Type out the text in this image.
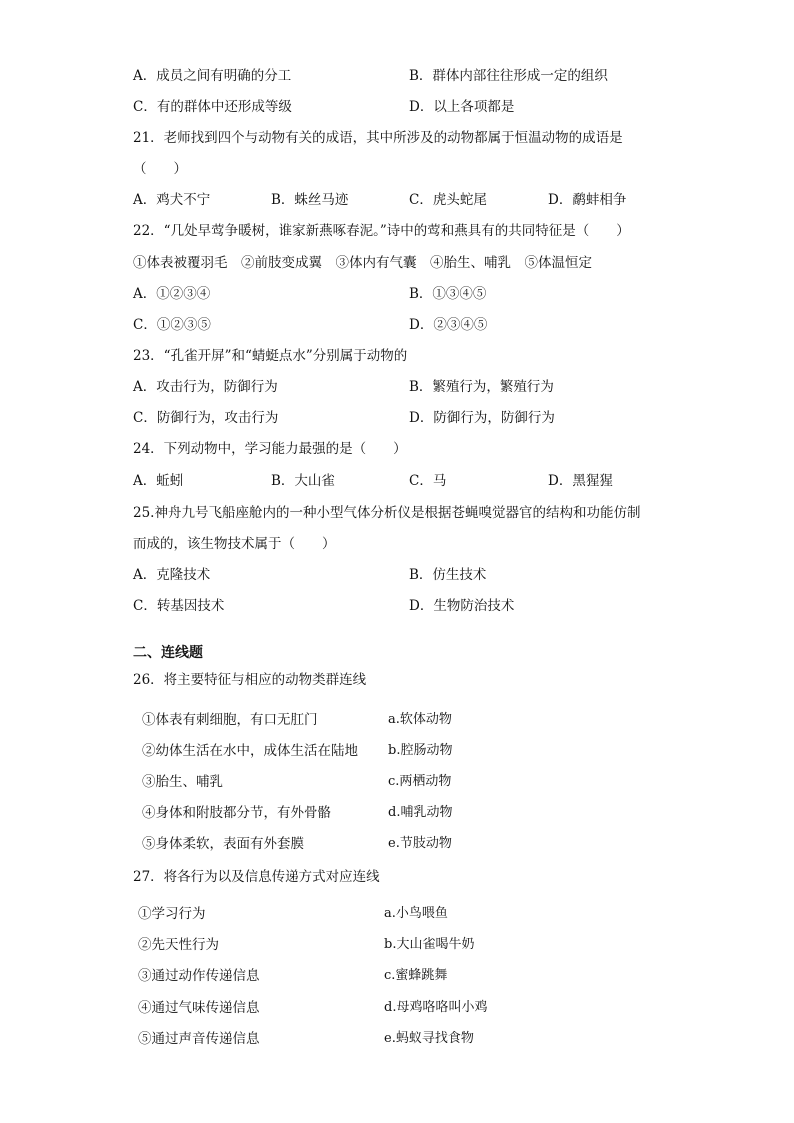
A．成员之间有明确的分工	B．群体内部往往形成一定的组织
C．有的群体中还形成等级	D．以上各项都是
21．老师找到四个与动物有关的成语，其中所涉及的动物都属于恒温动物的成语是
（　　）
A．鸡犬不宁	B．蛛丝马迹	C．虎头蛇尾	D．鹬蚌相争
22．“几处早莺争暖树，谁家新燕啄春泥。”诗中的莺和燕具有的共同特征是（　　）
①体表被覆羽毛　②前肢变成翼　③体内有气囊　④胎生、哺乳　⑤体温恒定
A．①②③④	B．①③④⑤
C．①②③⑤	D．②③④⑤
23．“孔雀开屏”和“蜻蜓点水”分别属于动物的
A．攻击行为，防御行为	B．繁殖行为，繁殖行为
C．防御行为，攻击行为	D．防御行为，防御行为
24．下列动物中，学习能力最强的是（　　）
A．蚯蚓	B．大山雀	C．马	D．黑猩猩
25.神舟九号飞船座舱内的一种小型气体分析仪是根据苍蝇嗅觉器官的结构和功能仿制
而成的，该生物技术属于（　　）
A．克隆技术	B．仿生技术
C．转基因技术	D．生物防治技术
二、连线题
26．将主要特征与相应的动物类群连线
①体表有刺细胞，有口无肛门	a.软体动物
②幼体生活在水中，成体生活在陆地 b.腔肠动物
③胎生、哺乳	c.两栖动物
④身体和附肢都分节，有外骨骼	d.哺乳动物
⑤身体柔软，表面有外套膜	e.节肢动物
27．将各行为以及信息传递方式对应连线
①学习行为	a.小鸟喂鱼
②先天性行为	b.大山雀喝牛奶
③通过动作传递信息	c.蜜蜂跳舞
④通过气味传递信息	d.母鸡咯咯叫小鸡
⑤通过声音传递信息	e.蚂蚁寻找食物
